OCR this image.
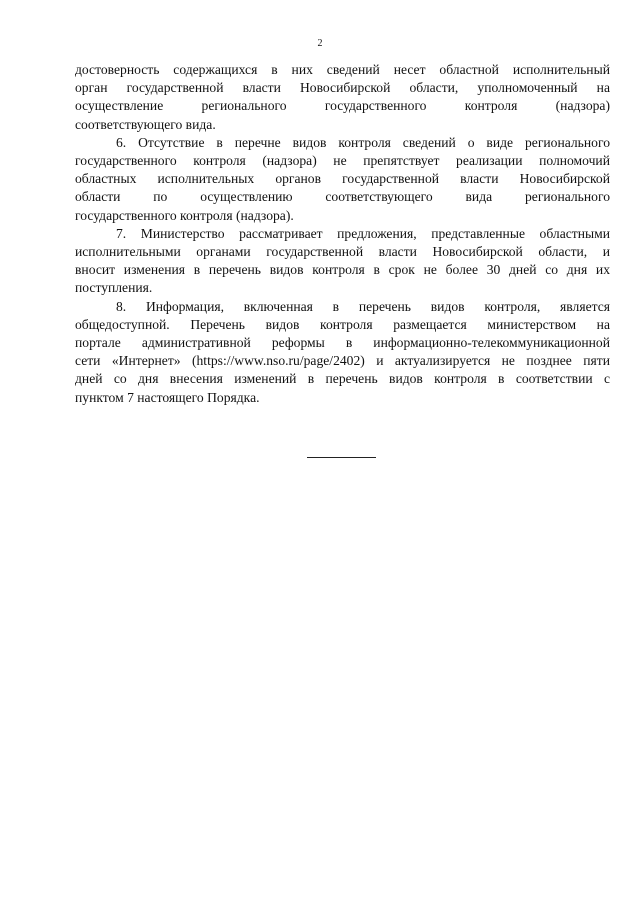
2

достоверность содержащихся в них сведений несет областной исполнительный

орган государственной власти Новосибирской области, уполномоченный на

осуществление регионального государственного контроля (надзора)

соответствующего вида.

6. Отсутствие в перечне видов контроля сведений о виде регионального

государственного контроля (надзора) не препятствует реализации полномочий

областных исполнительных органов государственной власти Новосибирской

области по осуществлению соответствующего вида регионального

государственного контроля (надзора).

7. Министерство рассматривает предложения, представленные областными

исполнительными органами государственной власти Новосибирской области, и

вносит изменения в перечень видов контроля в срок не более 30 дней со дня их

поступления.

8. Информация, включенная в перечень видов контроля, является

общедоступной. Перечень видов контроля размещается министерством на

портале административной реформы в информационно-телекоммуникационной

сети «Интернет» (https://www.nso.ru/page/2402) и актуализируется не позднее пяти

дней со дня внесения изменений в перечень видов контроля в соответствии с

пунктом 7 настоящего Порядка.
